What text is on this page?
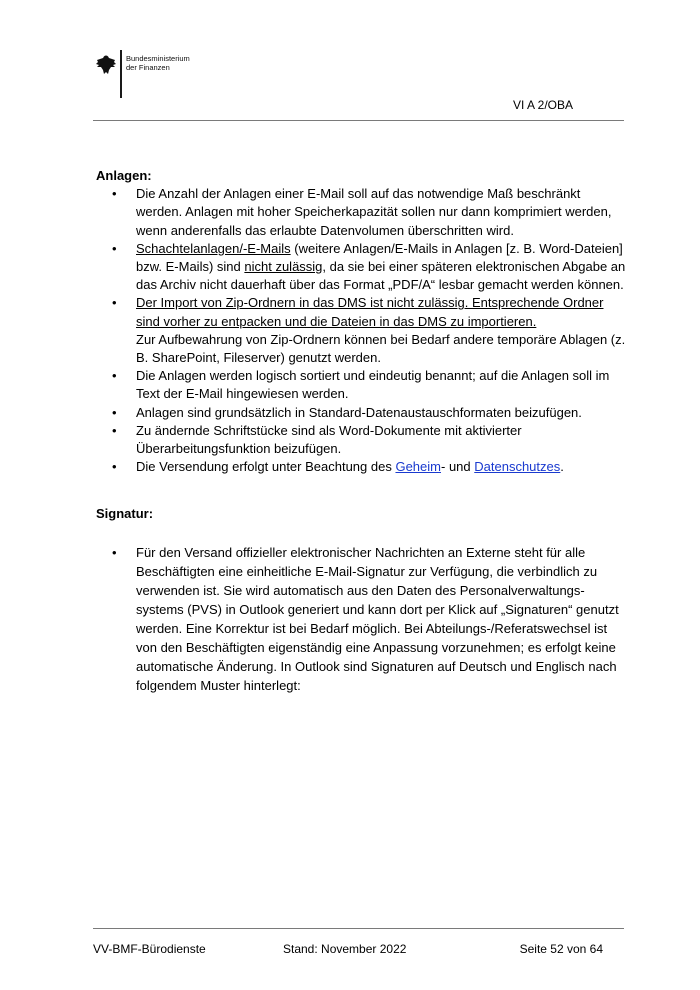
Bundesministerium
der Finanzen
VI A 2/OBA
Anlagen:
• Die Anzahl der Anlagen einer E-Mail soll auf das notwendige Maß beschränkt werden. Anlagen mit hoher Speicherkapazität sollen nur dann komprimiert werden, wenn anderenfalls das erlaubte Datenvolumen überschritten wird.
• Schachtelanlagen/-E-Mails (weitere Anlagen/E-Mails in Anlagen [z. B. Word-Dateien] bzw. E-Mails) sind nicht zulässig, da sie bei einer späteren elektronischen Abgabe an das Archiv nicht dauerhaft über das Format „PDF/A“ lesbar gemacht werden können.
• Der Import von Zip-Ordnern in das DMS ist nicht zulässig. Entsprechende Ordner sind vorher zu entpacken und die Dateien in das DMS zu importieren.
Zur Aufbewahrung von Zip-Ordnern können bei Bedarf andere temporäre Ablagen (z. B. SharePoint, Fileserver) genutzt werden.
• Die Anlagen werden logisch sortiert und eindeutig benannt; auf die Anlagen soll im Text der E-Mail hingewiesen werden.
• Anlagen sind grundsätzlich in Standard-Datenaustauschformaten beizufügen.
• Zu ändernde Schriftstücke sind als Word-Dokumente mit aktivierter Überarbeitungsfunktion beizufügen.
• Die Versendung erfolgt unter Beachtung des Geheim- und Datenschutzes.
Signatur:
• Für den Versand offizieller elektronischer Nachrichten an Externe steht für alle Beschäftigten eine einheitliche E-Mail-Signatur zur Verfügung, die verbindlich zu verwenden ist. Sie wird automatisch aus den Daten des Personalverwaltungs-systems (PVS) in Outlook generiert und kann dort per Klick auf „Signaturen“ genutzt werden. Eine Korrektur ist bei Bedarf möglich. Bei Abteilungs-/Referatswechsel ist von den Beschäftigten eigenständig eine Anpassung vorzunehmen; es erfolgt keine automatische Änderung. In Outlook sind Signaturen auf Deutsch und Englisch nach folgendem Muster hinterlegt:
VV-BMF-Bürodienste	Stand: November 2022	Seite 52 von 64
